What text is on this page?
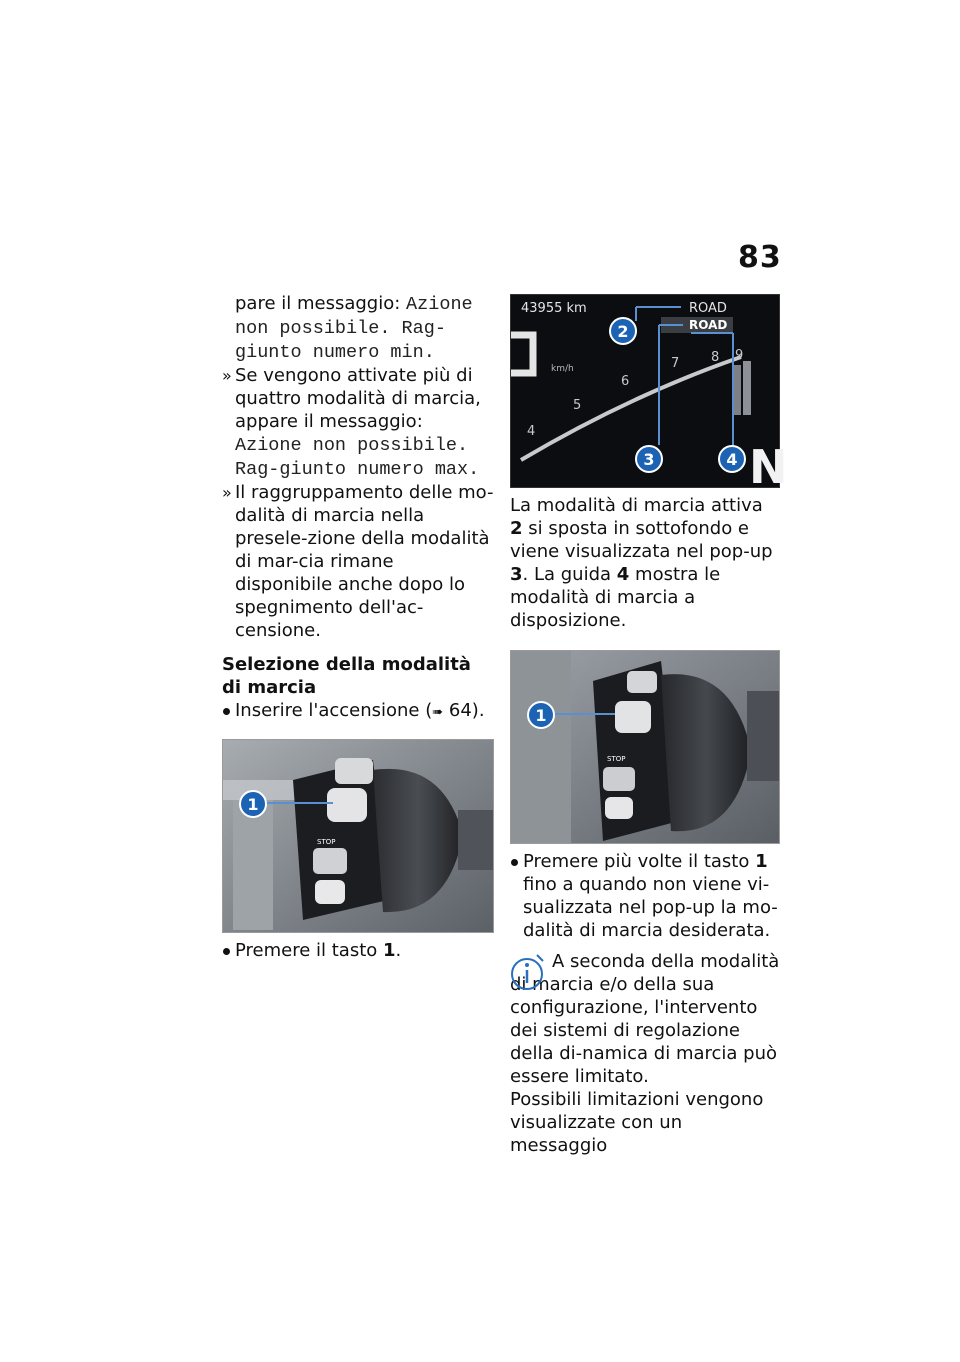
83

pare il messaggio: Azione non possibile. Rag-giunto numero min.

» Se vengono attivate più di quattro modalità di marcia, appare il messaggio: Azione non possibile. Rag-giunto numero max.

» Il raggruppamento delle mo-dalità di marcia nella presele-zione della modalità di mar-cia rimane disponibile anche dopo lo spegnimento dell'ac-censione.

Selezione della modalità di marcia

Inserire l'accensione (➠ 64).

STOP
1

Premere il tasto 1.

N
43955 km	ROAD
ROAD
km/h
4
5
6
7 8 9
2
3	4

La modalità di marcia attiva 2 si sposta in sottofondo e viene visualizzata nel pop-up 3. La guida 4 mostra le modalità di marcia a disposizione.

STOP
1

Premere più volte il tasto 1 fino a quando non viene vi-sualizzata nel pop-up la mo-dalità di marcia desiderata.

A seconda della modalità di marcia e/o della sua configurazione, l'intervento dei sistemi di regolazione della di-namica di marcia può essere limitato.

Possibili limitazioni vengono visualizzate con un messaggio
